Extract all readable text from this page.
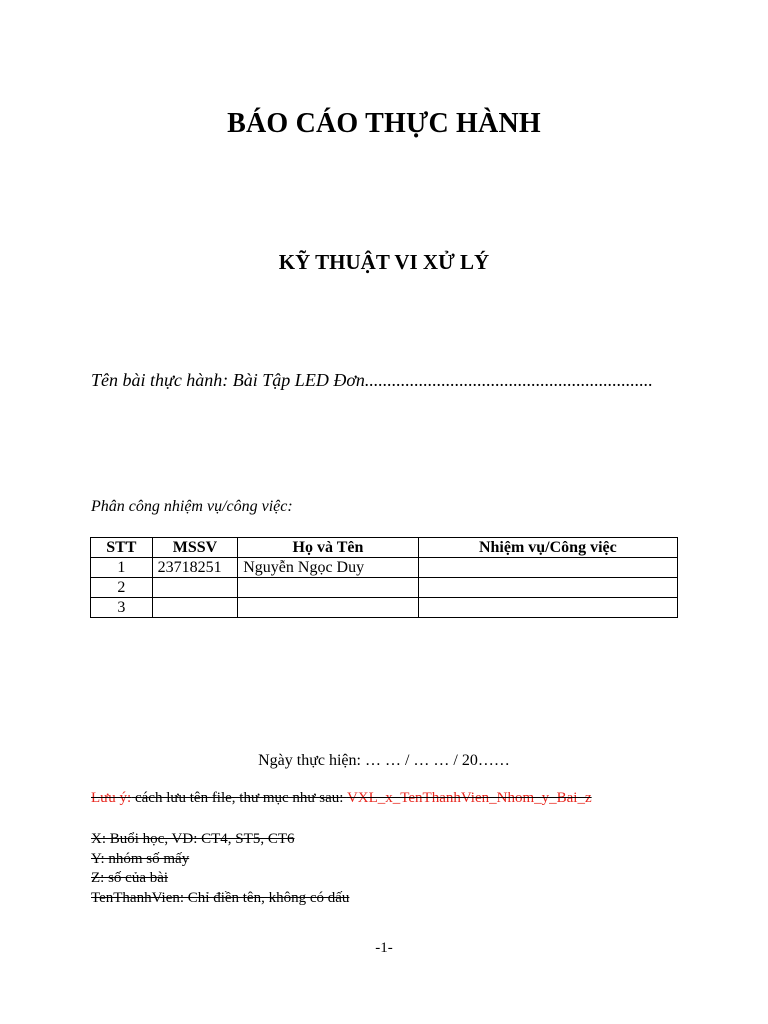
BÁO CÁO THỰC HÀNH
KỸ THUẬT VI XỬ LÝ
Tên bài thực hành: Bài Tập LED Đơn................................................................
Phân công nhiệm vụ/công việc:
STT	MSSV	Họ và Tên	Nhiệm vụ/Công việc
1	23718251	Nguyễn Ngọc Duy	
2			
3			
Ngày thực hiện: … … / … … / 20……
Lưu ý: cách lưu tên file, thư mục như sau: VXL_x_TenThanhVien_Nhom_y_Bai_z
X: Buổi học, VD: CT4, ST5, CT6
Y: nhóm số mấy
Z: số của bài
TenThanhVien: Chỉ điền tên, không có dấu
-1-
